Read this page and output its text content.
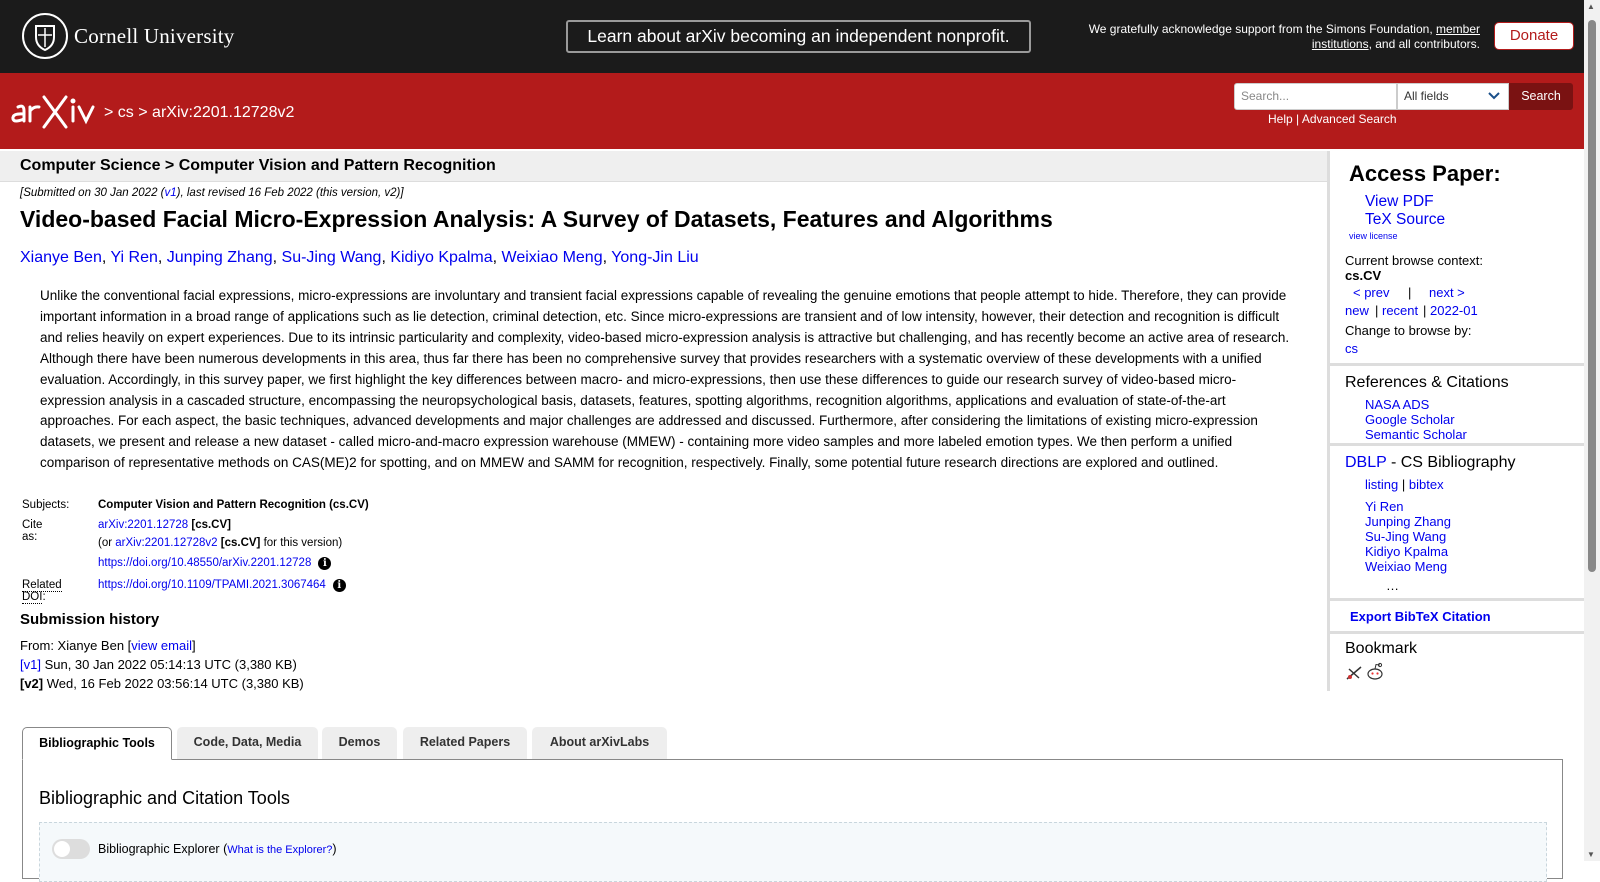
Cornell University	Learn about arXiv becoming an independent nonprofit.	We gratefully acknowledge support from the Simons Foundation, member institutions, and all contributors.	Donate
> cs > arXiv:2201.12728v2
Search...	All fields	Search
Help | Advanced Search
Computer Science > Computer Vision and Pattern Recognition
[Submitted on 30 Jan 2022 (v1), last revised 16 Feb 2022 (this version, v2)]
Video-based Facial Micro-Expression Analysis: A Survey of Datasets, Features and Algorithms
Xianye Ben, Yi Ren, Junping Zhang, Su-Jing Wang, Kidiyo Kpalma, Weixiao Meng, Yong-Jin Liu

Unlike the conventional facial expressions, micro-expressions are involuntary and transient facial expressions capable of revealing the genuine emotions that people attempt to hide. Therefore, they can provide important information in a broad range of applications such as lie detection, criminal detection, etc. Since micro-expressions are transient and of low intensity, however, their detection and recognition is difficult and relies heavily on expert experiences. Due to its intrinsic particularity and complexity, video-based micro-expression analysis is attractive but challenging, and has recently become an active area of research. Although there have been numerous developments in this area, thus far there has been no comprehensive survey that provides researchers with a systematic overview of these developments with a unified evaluation. Accordingly, in this survey paper, we first highlight the key differences between macro- and micro-expressions, then use these differences to guide our research survey of video-based micro-expression analysis in a cascaded structure, encompassing the neuropsychological basis, datasets, features, spotting algorithms, recognition algorithms, applications and evaluation of state-of-the-art approaches. For each aspect, the basic techniques, advanced developments and major challenges are addressed and discussed. Furthermore, after considering the limitations of existing micro-expression datasets, we present and release a new dataset - called micro-and-macro expression warehouse (MMEW) - containing more video samples and more labeled emotion types. We then perform a unified comparison of representative methods on CAS(ME)2 for spotting, and on MMEW and SAMM for recognition, respectively. Finally, some potential future research directions are explored and outlined.

Subjects: Computer Vision and Pattern Recognition (cs.CV)
Cite as:
arXiv:2201.12728 [cs.CV]
(or arXiv:2201.12728v2 [cs.CV] for this version)
https://doi.org/10.48550/arXiv.2201.12728 i
Related DOI:
https://doi.org/10.1109/TPAMI.2021.3067464 i
Submission history
From: Xianye Ben [view email]
[v1] Sun, 30 Jan 2022 05:14:13 UTC (3,380 KB)
[v2] Wed, 16 Feb 2022 03:56:14 UTC (3,380 KB)
Access Paper:
View PDF
TeX Source
view license
Current browse context:
cs.CV
< prev | next >
new | recent | 2022-01
Change to browse by:
cs
References & Citations
NASA ADS
Google Scholar
Semantic Scholar
DBLP - CS Bibliography
listing | bibtex
Yi Ren
Junping Zhang
Su-Jing Wang
Kidiyo Kpalma
Weixiao Meng
…
Export BibTeX Citation
Bookmark
Bibliographic Tools	Code, Data, Media	Demos	Related Papers	About arXivLabs
Bibliographic and Citation Tools
Bibliographic Explorer (What is the Explorer?)
▲
▼
